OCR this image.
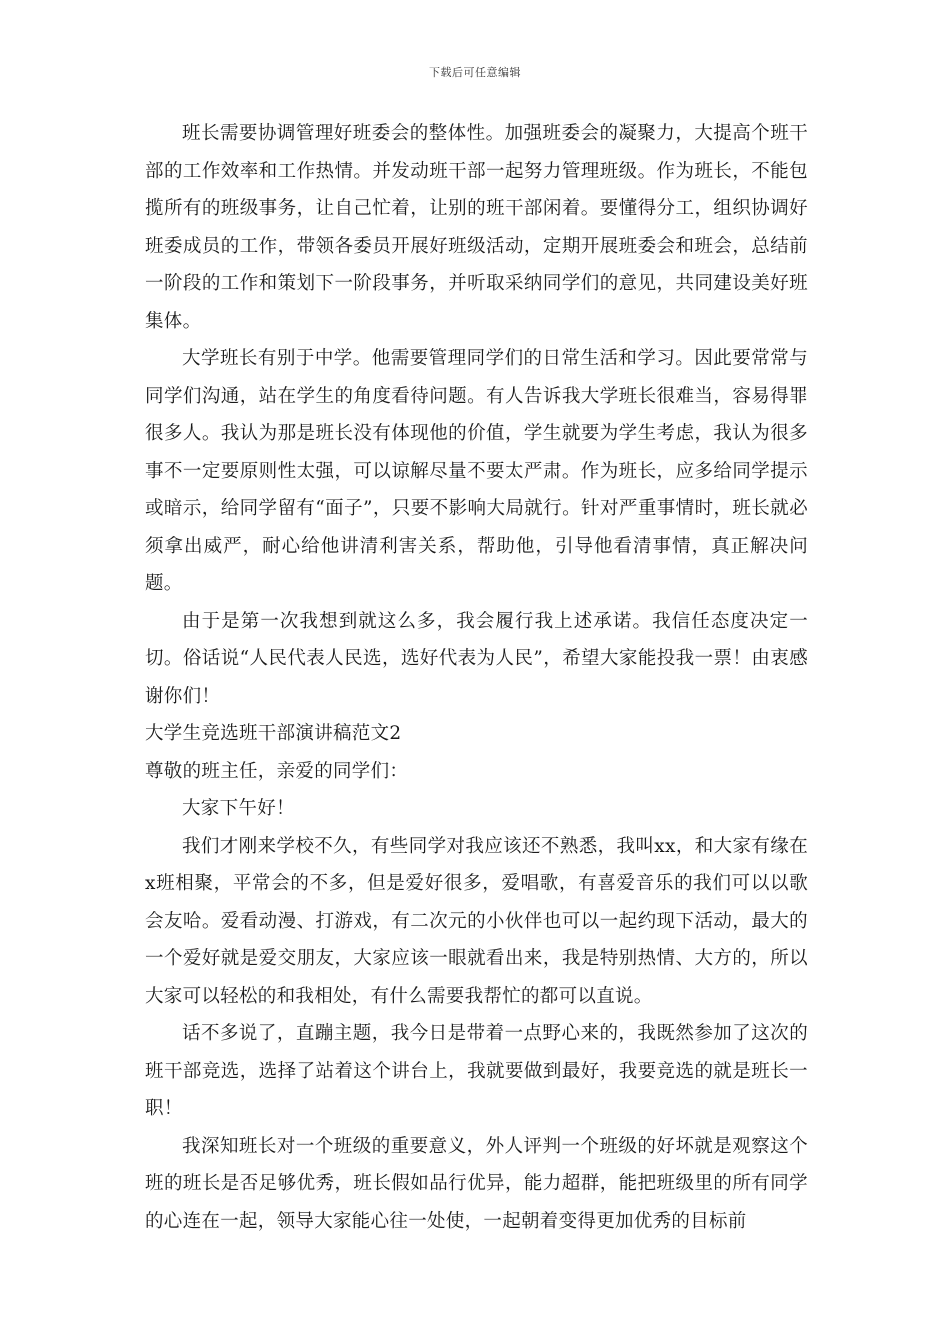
下载后可任意编辑

班长需要协调管理好班委会的整体性。加强班委会的凝聚力，大提高个班干部的工作效率和工作热情。并发动班干部一起努力管理班级。作为班长，不能包揽所有的班级事务，让自己忙着，让别的班干部闲着。要懂得分工，组织协调好班委成员的工作，带领各委员开展好班级活动，定期开展班委会和班会，总结前一阶段的工作和策划下一阶段事务，并听取采纳同学们的意见，共同建设美好班集体。

大学班长有别于中学。他需要管理同学们的日常生活和学习。因此要常常与同学们沟通，站在学生的角度看待问题。有人告诉我大学班长很难当，容易得罪很多人。我认为那是班长没有体现他的价值，学生就要为学生考虑，我认为很多事不一定要原则性太强，可以谅解尽量不要太严肃。作为班长，应多给同学提示或暗示，给同学留有“面子”，只要不影响大局就行。针对严重事情时，班长就必须拿出威严，耐心给他讲清利害关系，帮助他，引导他看清事情，真正解决问题。

由于是第一次我想到就这么多，我会履行我上述承诺。我信任态度决定一切。俗话说“人民代表人民选，选好代表为人民”，希望大家能投我一票！由衷感谢你们！

大学生竞选班干部演讲稿范文2

尊敬的班主任，亲爱的同学们：

大家下午好！

我们才刚来学校不久，有些同学对我应该还不熟悉，我叫xx，和大家有缘在x班相聚，平常会的不多，但是爱好很多，爱唱歌，有喜爱音乐的我们可以以歌会友哈。爱看动漫、打游戏，有二次元的小伙伴也可以一起约现下活动，最大的一个爱好就是爱交朋友，大家应该一眼就看出来，我是特别热情、大方的，所以大家可以轻松的和我相处，有什么需要我帮忙的都可以直说。

话不多说了，直蹦主题，我今日是带着一点野心来的，我既然参加了这次的班干部竞选，选择了站着这个讲台上，我就要做到最好，我要竞选的就是班长一职！

我深知班长对一个班级的重要意义，外人评判一个班级的好坏就是观察这个班的班长是否足够优秀，班长假如品行优异，能力超群，能把班级里的所有同学的心连在一起，领导大家能心往一处使，一起朝着变得更加优秀的目标前
